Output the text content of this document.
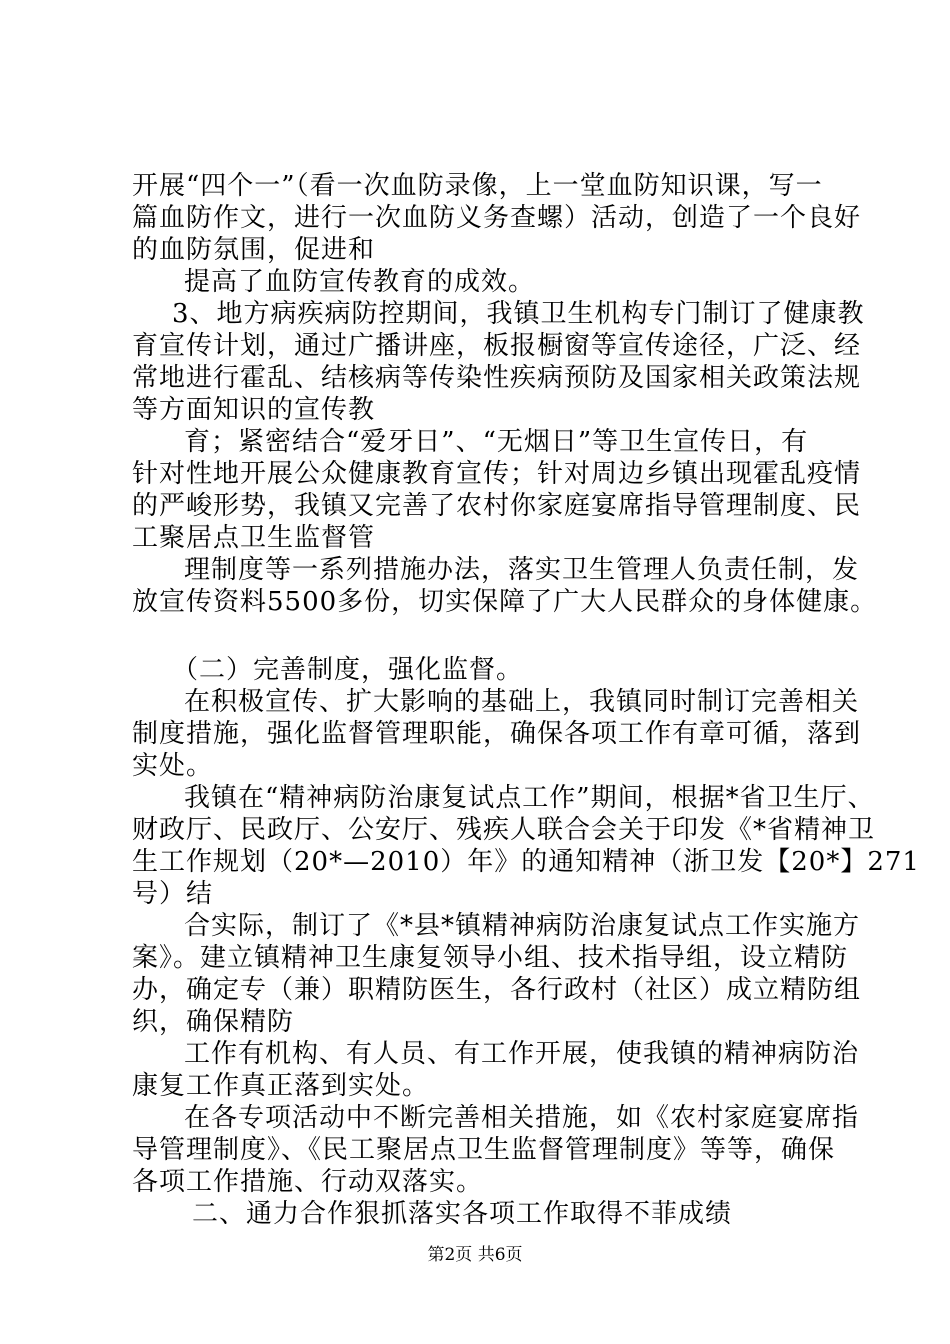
开展“四个一”（看一次血防录像，上一堂血防知识课，写一
篇血防作文，进行一次血防义务查螺）活动，创造了一个良好
的血防氛围，促进和
提高了血防宣传教育的成效。
3、地方病疾病防控期间，我镇卫生机构专门制订了健康教
育宣传计划，通过广播讲座，板报橱窗等宣传途径，广泛、经
常地进行霍乱、结核病等传染性疾病预防及国家相关政策法规
等方面知识的宣传教
育；紧密结合“爱牙日”、“无烟日”等卫生宣传日，有
针对性地开展公众健康教育宣传；针对周边乡镇出现霍乱疫情
的严峻形势，我镇又完善了农村你家庭宴席指导管理制度、民
工聚居点卫生监督管
理制度等一系列措施办法，落实卫生管理人负责任制，发
放宣传资料5500多份，切实保障了广大人民群众的身体健康。
（二）完善制度，强化监督。
在积极宣传、扩大影响的基础上，我镇同时制订完善相关
制度措施，强化监督管理职能，确保各项工作有章可循，落到
实处。
我镇在“精神病防治康复试点工作”期间，根据*省卫生厅、
财政厅、民政厅、公安厅、残疾人联合会关于印发《*省精神卫
生工作规划（20*—2010）年》的通知精神（浙卫发【20*】271
号）结
合实际，制订了《*县*镇精神病防治康复试点工作实施方
案》。建立镇精神卫生康复领导小组、技术指导组，设立精防
办，确定专（兼）职精防医生，各行政村（社区）成立精防组
织，确保精防
工作有机构、有人员、有工作开展，使我镇的精神病防治
康复工作真正落到实处。
在各专项活动中不断完善相关措施，如《农村家庭宴席指
导管理制度》、《民工聚居点卫生监督管理制度》等等，确保
各项工作措施、行动双落实。
二、通力合作狠抓落实各项工作取得不菲成绩
第2页 共6页
